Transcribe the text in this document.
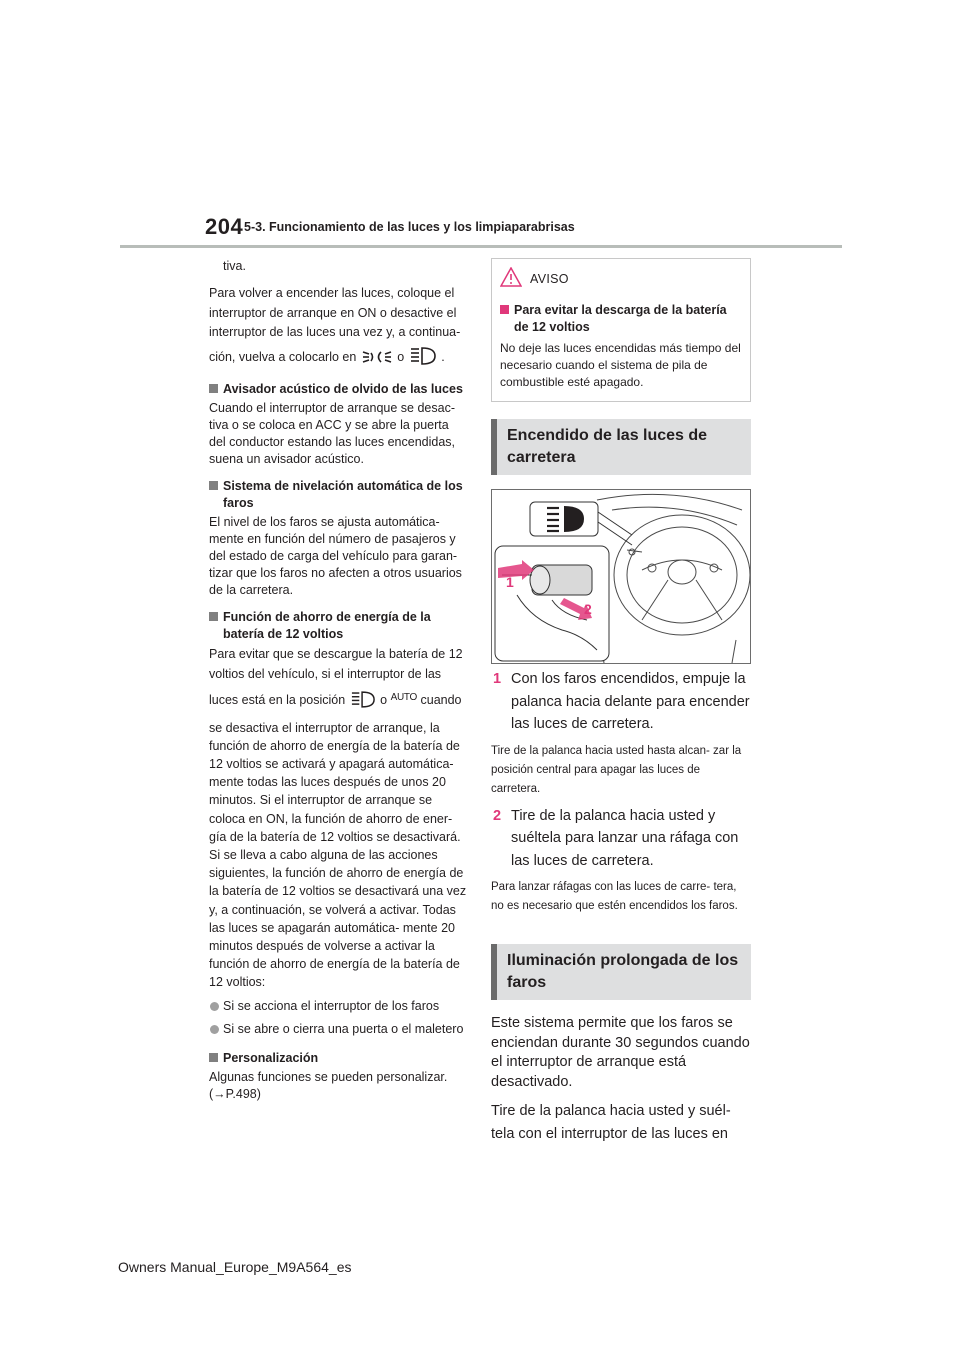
204 5-3. Funcionamiento de las luces y los limpiaparabrisas

tiva.

Para volver a encender las luces, coloque el interruptor de arranque en ON o desactive el interruptor de las luces una vez y, a continua-

ción, vuelva a colocarlo en	o	.

Avisador acústico de olvido de las luces

Cuando el interruptor de arranque se desac- tiva o se coloca en ACC y se abre la puerta del conductor estando las luces encendidas, suena un avisador acústico.

Sistema de nivelación automática de los faros

El nivel de los faros se ajusta automática- mente en función del número de pasajeros y del estado de carga del vehículo para garan- tizar que los faros no afecten a otros usuarios de la carretera.

Función de ahorro de energía de la batería de 12 voltios

Para evitar que se descargue la batería de 12 voltios del vehículo, si el interruptor de las

luces está en la posición	o $^{AUTO}$ cuando

se desactiva el interruptor de arranque, la función de ahorro de energía de la batería de 12 voltios se activará y apagará automática- mente todas las luces después de unos 20 minutos. Si el interruptor de arranque se coloca en ON, la función de ahorro de ener- gía de la batería de 12 voltios se desactivará. Si se lleva a cabo alguna de las acciones siguientes, la función de ahorro de energía de la batería de 12 voltios se desactivará una vez y, a continuación, se volverá a activar. Todas las luces se apagarán automática- mente 20 minutos después de volverse a activar la función de ahorro de energía de la batería de 12 voltios:

Si se acciona el interruptor de los faros
Si se abre o cierra una puerta o el maletero
Personalización

Algunas funciones se pueden personalizar. (→P.498)

AVISO
Para evitar la descarga de la batería de 12 voltios

No deje las luces encendidas más tiempo del necesario cuando el sistema de pila de combustible esté apagado.

Encendido de las luces de carretera
1
2
1 Con los faros encendidos, empuje la palanca hacia delante para encender las luces de carretera.

Tire de la palanca hacia usted hasta alcan- zar la posición central para apagar las luces de carretera.

2 Tire de la palanca hacia usted y suéltela para lanzar una ráfaga con las luces de carretera.

Para lanzar ráfagas con las luces de carre- tera, no es necesario que estén encendidos los faros.

Iluminación prolongada de los faros

Este sistema permite que los faros se enciendan durante 30 segundos cuando el interruptor de arranque está desactivado.

Tire de la palanca hacia usted y suél- tela con el interruptor de las luces en

Owners Manual_Europe_M9A564_es
